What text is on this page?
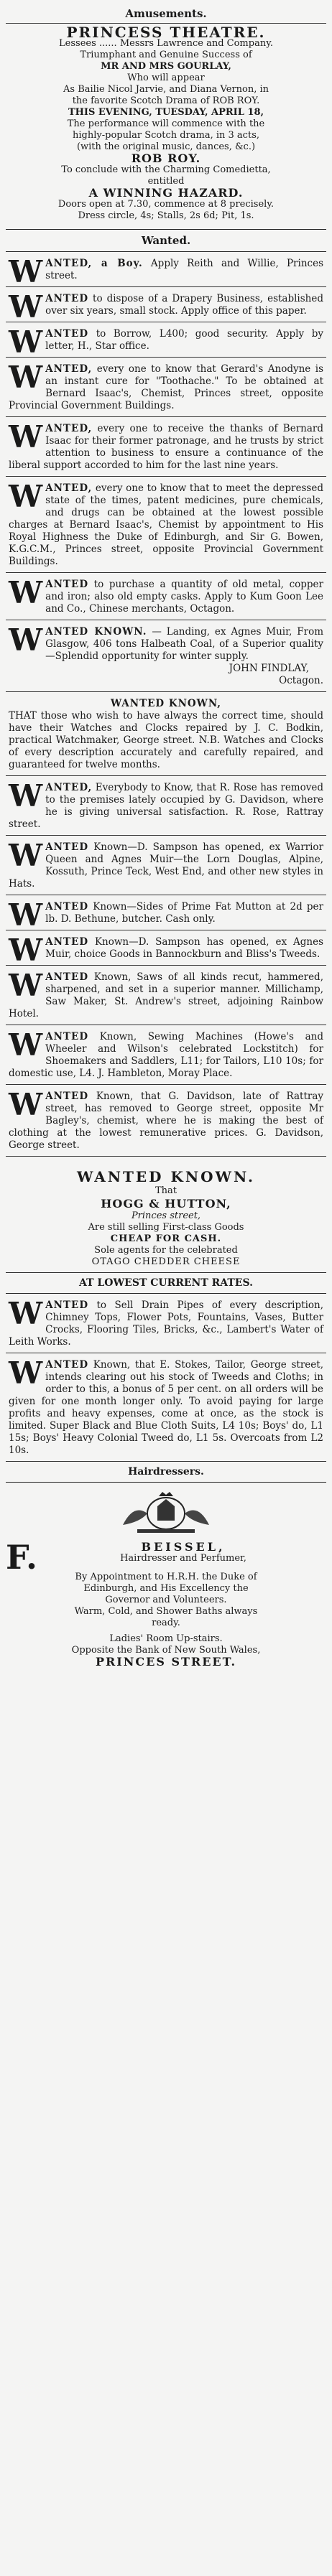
Amusements.
PRINCESS THEATRE.
Lessees ...... Messrs Lawrence and Company.
Triumphant and Genuine Success of
MR AND MRS GOURLAY,
Who will appear
As Bailie Nicol Jarvie, and Diana Vernon, in
the favorite Scotch Drama of ROB ROY.
THIS EVENING, TUESDAY, APRIL 18,
The performance will commence with the
highly-popular Scotch drama, in 3 acts,
(with the original music, dances, &c.)
ROB ROY.
To conclude with the Charming Comedietta,
entitled
A WINNING HAZARD.
Doors open at 7.30, commence at 8 precisely.
Dress circle, 4s; Stalls, 2s 6d; Pit, 1s.
Wanted.
WANTED, a Boy. Apply Reith and Willie, Princes street.
WANTED to dispose of a Drapery Business, established over six years, small stock. Apply office of this paper.
WANTED to Borrow, L400; good security. Apply by letter, H., Star office.
WANTED, every one to know that Gerard's Anodyne is an instant cure for "Toothache." To be obtained at Bernard Isaac's, Chemist, Princes street, opposite Provincial Government Buildings.
WANTED, every one to receive the thanks of Bernard Isaac for their former patronage, and he trusts by strict attention to business to ensure a continuance of the liberal support accorded to him for the last nine years.
WANTED, every one to know that to meet the depressed state of the times, patent medicines, pure chemicals, and drugs can be obtained at the lowest possible charges at Bernard Isaac's, Chemist by appointment to His Royal Highness the Duke of Edinburgh, and Sir G. Bowen, K.G.C.M., Princes street, opposite Provincial Government Buildings.
WANTED to purchase a quantity of old metal, copper and iron; also old empty casks. Apply to Kum Goon Lee and Co., Chinese merchants, Octagon.
WANTED KNOWN. — Landing, ex Agnes Muir, From Glasgow, 406 tons Halbeath Coal, of a Superior quality—Splendid opportunity for winter supply.
JOHN FINDLAY,
Octagon.
WANTED KNOWN,
THAT those who wish to have always the correct time, should have their Watches and Clocks repaired by J. C. Bodkin, practical Watchmaker, George street. N.B. Watches and Clocks of every description accurately and carefully repaired, and guaranteed for twelve months.
WANTED, Everybody to Know, that R. Rose has removed to the premises lately occupied by G. Davidson, where he is giving universal satisfaction. R. Rose, Rattray street.
WANTED Known—D. Sampson has opened, ex Warrior Queen and Agnes Muir—the Lorn Douglas, Alpine, Kossuth, Prince Teck, West End, and other new styles in Hats.
WANTED Known—Sides of Prime Fat Mutton at 2d per lb. D. Bethune, butcher. Cash only.
WANTED Known—D. Sampson has opened, ex Agnes Muir, choice Goods in Bannockburn and Bliss's Tweeds.
WANTED Known, Saws of all kinds recut, hammered, sharpened, and set in a superior manner. Millichamp, Saw Maker, St. Andrew's street, adjoining Rainbow Hotel.
WANTED Known, Sewing Machines (Howe's and Wheeler and Wilson's celebrated Lockstitch) for Shoemakers and Saddlers, L11; for Tailors, L10 10s; for domestic use, L4. J. Hambleton, Moray Place.
WANTED Known, that G. Davidson, late of Rattray street, has removed to George street, opposite Mr Bagley's, chemist, where he is making the best of clothing at the lowest remunerative prices. G. Davidson, George street.
WANTED KNOWN.
That
HOGG & HUTTON,
Princes street,
Are still selling First-class Goods
CHEAP FOR CASH.
Sole agents for the celebrated
OTAGO CHEDDER CHEESE
AT LOWEST CURRENT RATES.
W ANTED to Sell Drain Pipes of every description, Chimney Tops, Flower Pots, Fountains, Vases, Butter Crocks, Flooring Tiles, Bricks, &c., Lambert's Water of Leith Works.
W ANTED Known, that E. Stokes, Tailor, George street, intends clearing out his stock of Tweeds and Cloths; in order to this, a bonus of 5 per cent. on all orders will be given for one month longer only. To avoid paying for large profits and heavy expenses, come at once, as the stock is limited. Super Black and Blue Cloth Suits, L4 10s; Boys' do, L1 15s; Boys' Heavy Colonial Tweed do, L1 5s. Overcoats from L2 10s.
Hairdressers.
F.	BEISSEL,
Hairdresser and Perfumer,
By Appointment to H.R.H. the Duke of
Edinburgh, and His Excellency the
Governor and Volunteers.
Warm, Cold, and Shower Baths always
ready.
Ladies' Room Up-stairs.
Opposite the Bank of New South Wales,
PRINCES STREET.
